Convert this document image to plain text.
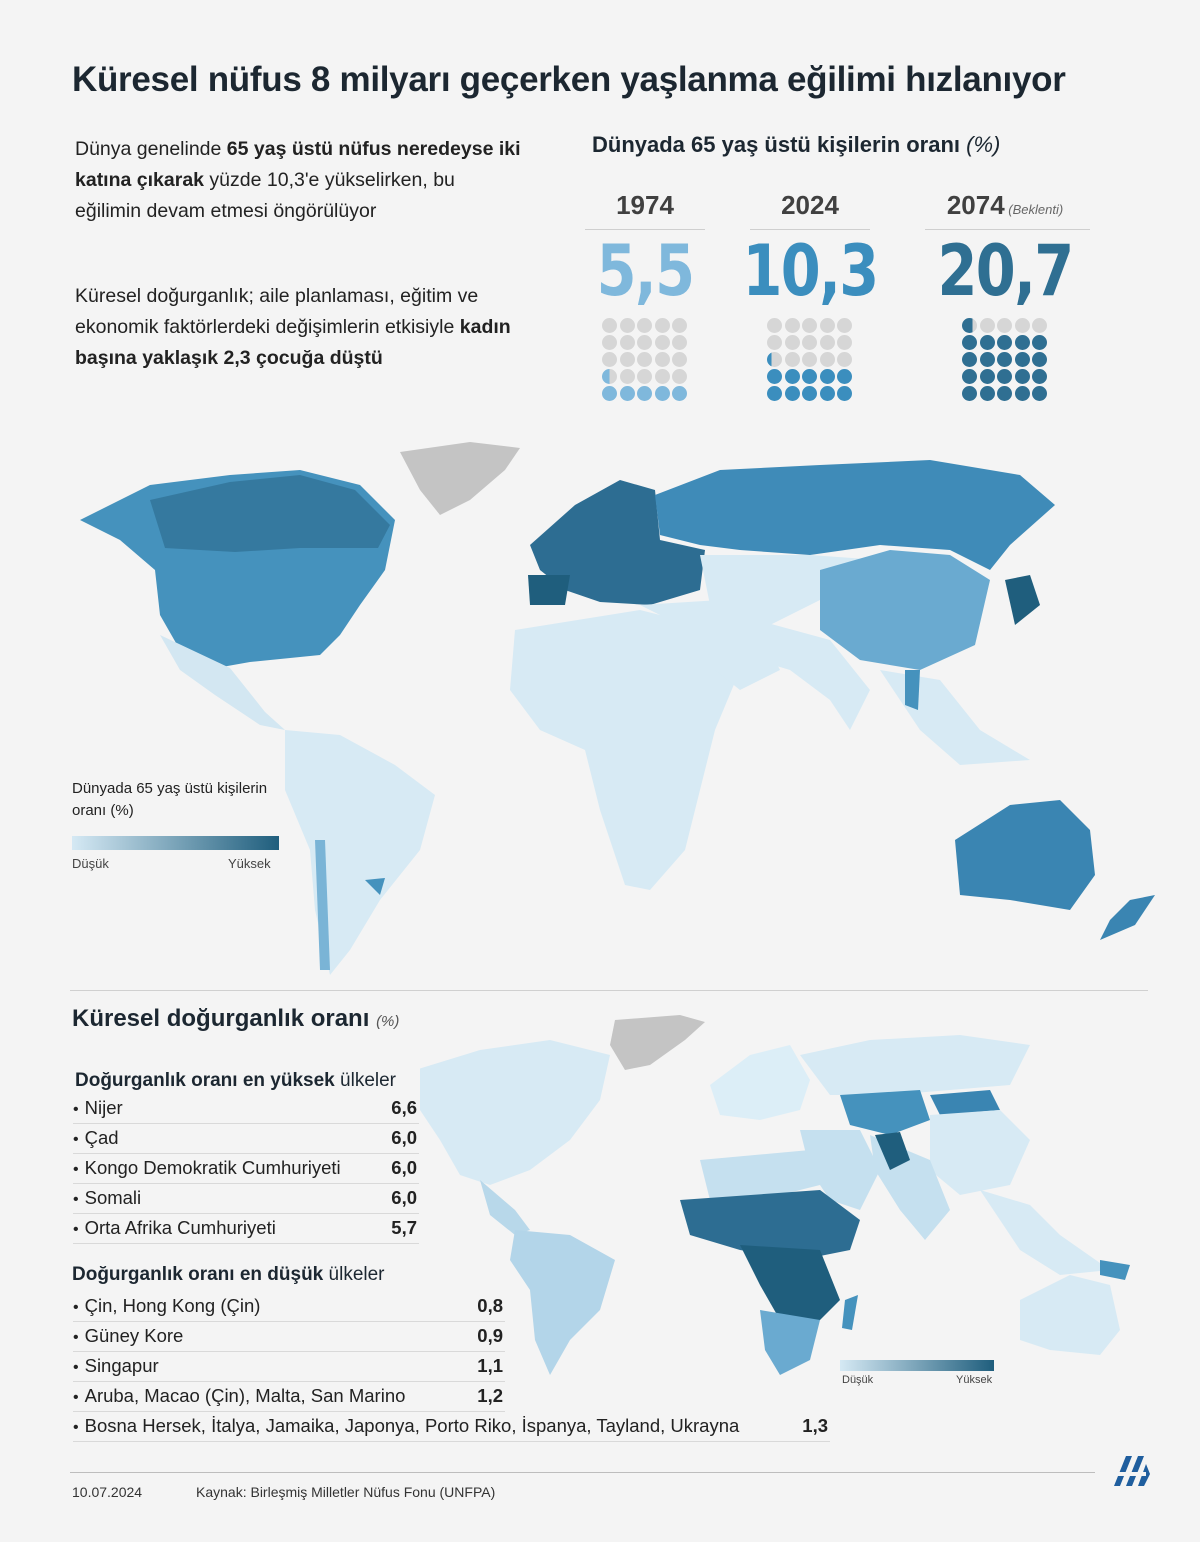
Küresel nüfus 8 milyarı geçerken yaşlanma eğilimi hızlanıyor
Dünya genelinde 65 yaş üstü nüfus neredeyse iki katına çıkarak yüzde 10,3'e yükselirken, bu eğilimin devam etmesi öngörülüyor
Küresel doğurganlık; aile planlaması, eğitim ve ekonomik faktörlerdeki değişimlerin etkisiyle kadın başına yaklaşık 2,3 çocuğa düştü
Dünyada 65 yaş üstü kişilerin oranı (%)
1974
5,5
2024
10,3
2074 (Beklenti)
20,7
Dünyada 65 yaş üstü kişilerin oranı (%)
Düşük	Yüksek
Küresel doğurganlık oranı (%)
Düşük	Yüksek
Doğurganlık oranı en yüksek ülkeler
• Nijer	6,6
• Çad	6,0
• Kongo Demokratik Cumhuriyeti	6,0
• Somali	6,0
• Orta Afrika Cumhuriyeti	5,7
Doğurganlık oranı en düşük ülkeler
• Çin, Hong Kong (Çin)	0,8
• Güney Kore	0,9
• Singapur	1,1
• Aruba, Macao (Çin), Malta, San Marino	1,2
• Bosna Hersek, İtalya, Jamaika, Japonya, Porto Riko, İspanya, Tayland, Ukrayna	1,3
10.07.2024	Kaynak: Birleşmiş Milletler Nüfus Fonu (UNFPA)
